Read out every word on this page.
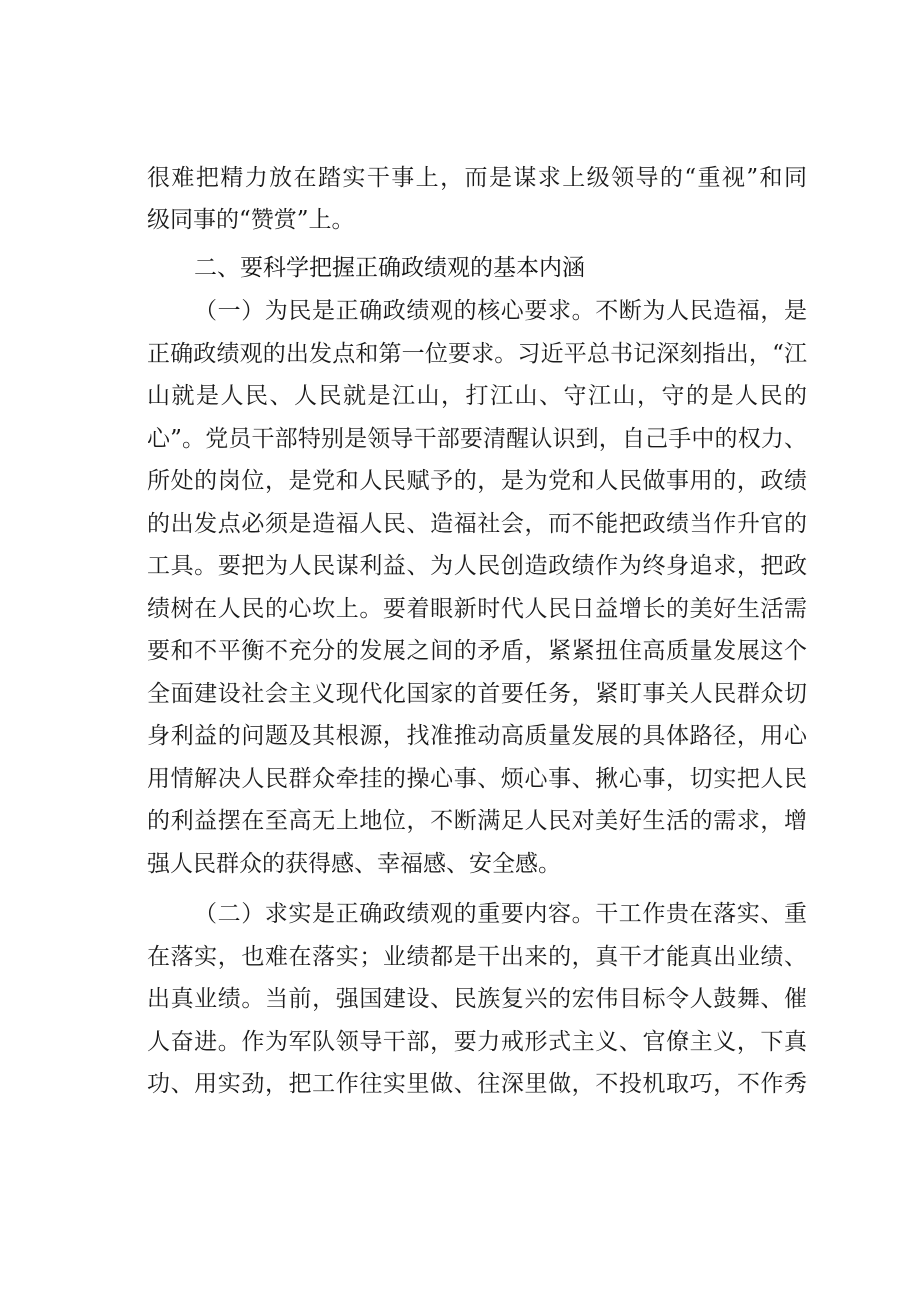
很难把精力放在踏实干事上，而是谋求上级领导的“重视”和同
级同事的“赞赏”上。
二、要科学把握正确政绩观的基本内涵
（一）为民是正确政绩观的核心要求。不断为人民造福，是
正确政绩观的出发点和第一位要求。习近平总书记深刻指出，“江
山就是人民、人民就是江山，打江山、守江山，守的是人民的
心”。党员干部特别是领导干部要清醒认识到，自己手中的权力、
所处的岗位，是党和人民赋予的，是为党和人民做事用的，政绩
的出发点必须是造福人民、造福社会，而不能把政绩当作升官的
工具。要把为人民谋利益、为人民创造政绩作为终身追求，把政
绩树在人民的心坎上。要着眼新时代人民日益增长的美好生活需
要和不平衡不充分的发展之间的矛盾，紧紧扭住高质量发展这个
全面建设社会主义现代化国家的首要任务，紧盯事关人民群众切
身利益的问题及其根源，找准推动高质量发展的具体路径，用心
用情解决人民群众牵挂的操心事、烦心事、揪心事，切实把人民
的利益摆在至高无上地位，不断满足人民对美好生活的需求，增
强人民群众的获得感、幸福感、安全感。
（二）求实是正确政绩观的重要内容。干工作贵在落实、重
在落实，也难在落实；业绩都是干出来的，真干才能真出业绩、
出真业绩。当前，强国建设、民族复兴的宏伟目标令人鼓舞、催
人奋进。作为军队领导干部，要力戒形式主义、官僚主义，下真
功、用实劲，把工作往实里做、往深里做，不投机取巧，不作秀
